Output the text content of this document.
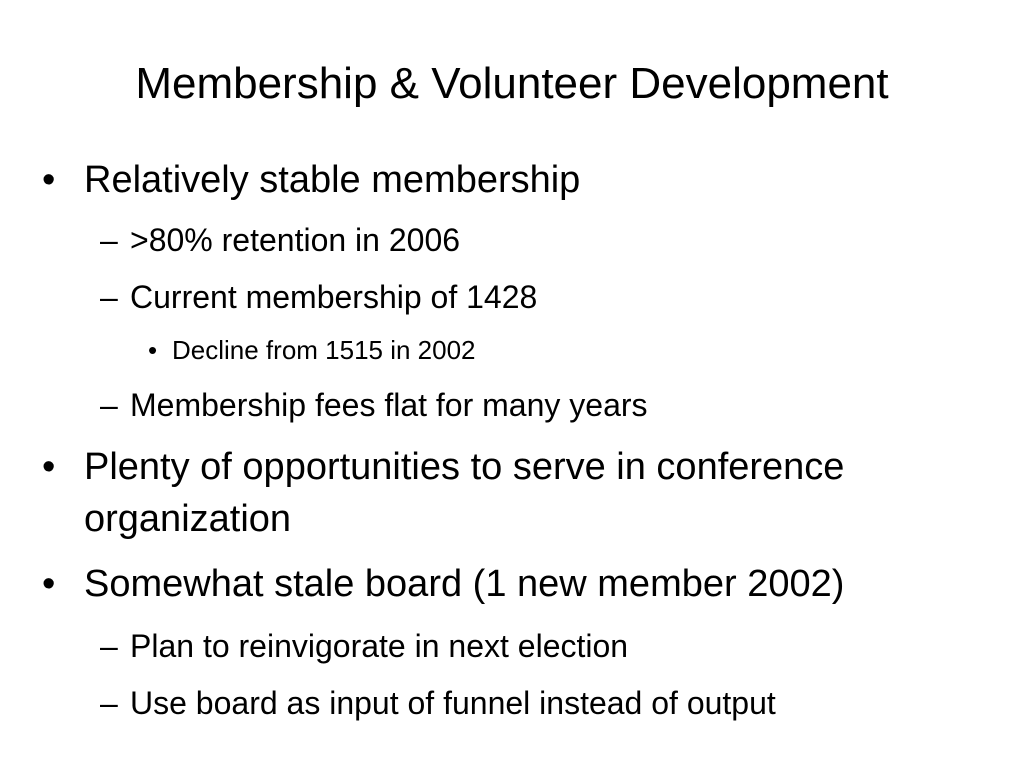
Membership & Volunteer Development
• Relatively stable membership
– >80% retention in 2006
– Current membership of 1428
• Decline from 1515 in 2002
– Membership fees flat for many years
• Plenty of opportunities to serve in conference organization
• Somewhat stale board (1 new member 2002)
– Plan to reinvigorate in next election
– Use board as input of funnel instead of output
